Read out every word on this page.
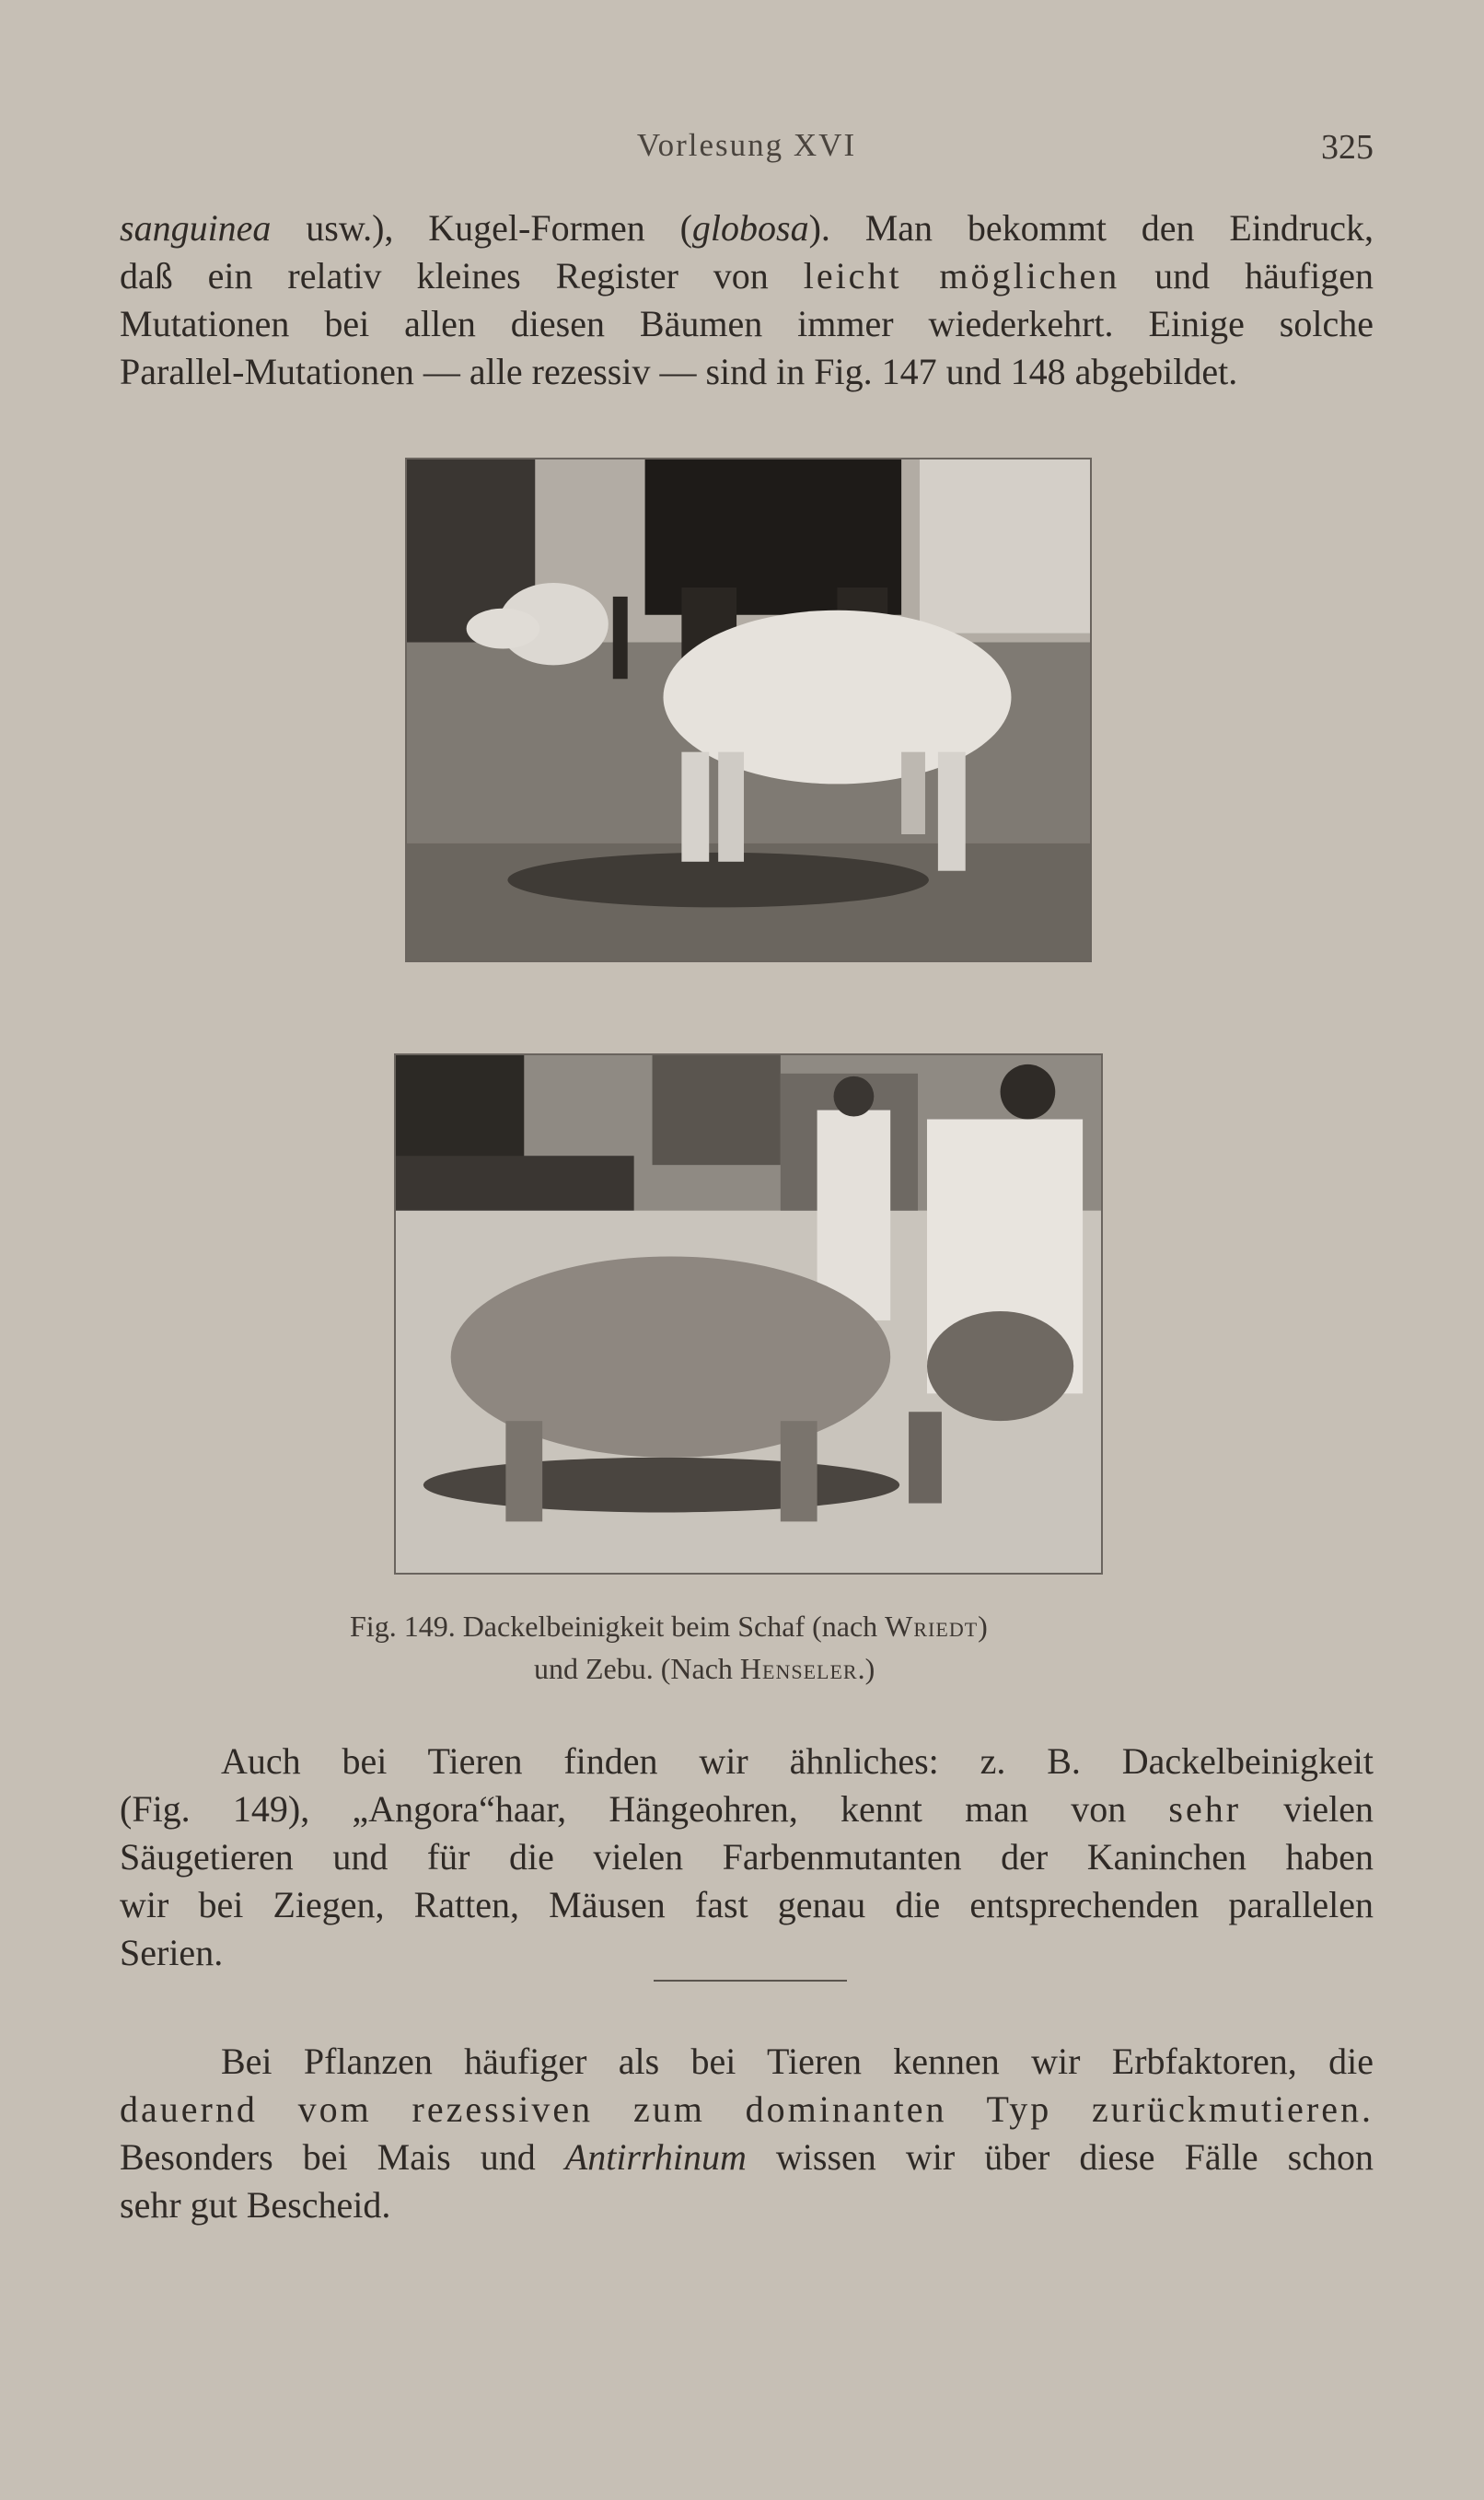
Vorlesung XVI	325
sanguinea usw.), Kugel-Formen (globosa). Man bekommt den Eindruck,
daß ein relativ kleines Register von leicht möglichen und häufigen
Mutationen bei allen diesen Bäumen immer wiederkehrt. Einige solche
Parallel-Mutationen — alle rezessiv — sind in Fig. 147 und 148 abgebildet.
Fig. 149. Dackelbeinigkeit beim Schaf (nach Wriedt)
und Zebu. (Nach Henseler.)
Auch bei Tieren finden wir ähnliches: z. B. Dackelbeinigkeit
(Fig. 149), „Angora“haar, Hängeohren, kennt man von sehr vielen
Säugetieren und für die vielen Farbenmutanten der Kaninchen haben
wir bei Ziegen, Ratten, Mäusen fast genau die entsprechenden parallelen
Serien.
Bei Pflanzen häufiger als bei Tieren kennen wir Erbfaktoren, die
dauernd vom rezessiven zum dominanten Typ zurückmutieren.
Besonders bei Mais und Antirrhinum wissen wir über diese Fälle schon
sehr gut Bescheid.
